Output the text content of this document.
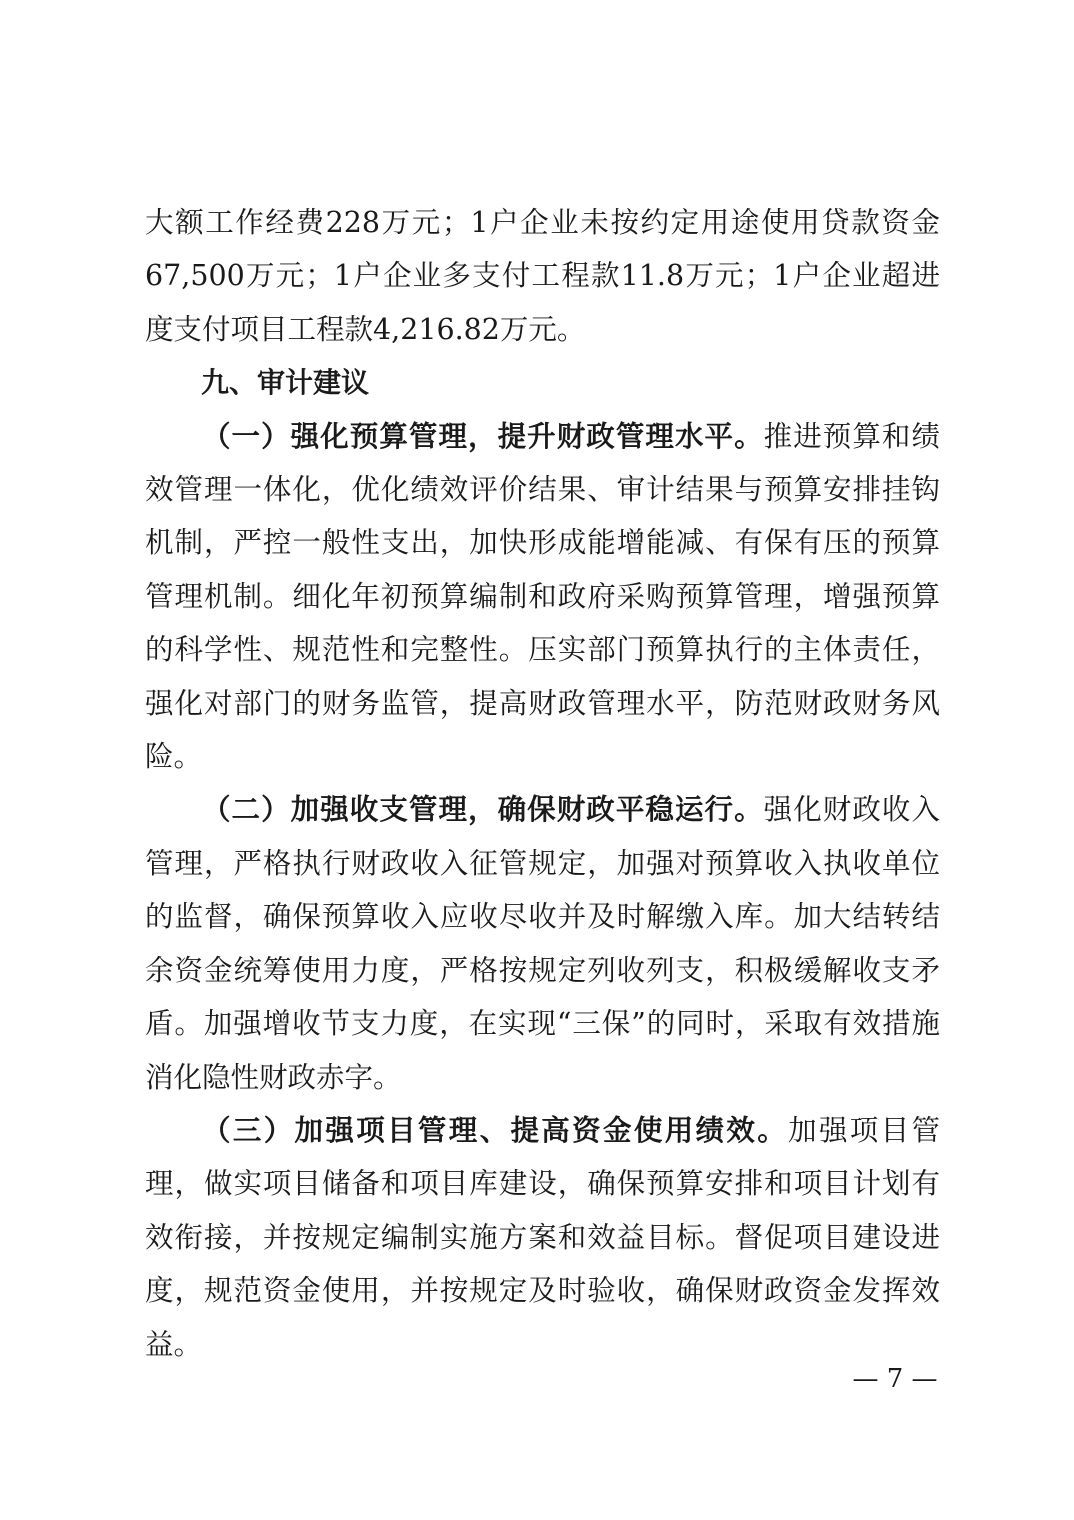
大额工作经费228万元；1户企业未按约定用途使用贷款资金67,500万元；1户企业多支付工程款11.8万元；1户企业超进度支付项目工程款4,216.82万元。

九、审计建议

（一）强化预算管理，提升财政管理水平。推进预算和绩效管理一体化，优化绩效评价结果、审计结果与预算安排挂钩机制，严控一般性支出，加快形成能增能减、有保有压的预算管理机制。细化年初预算编制和政府采购预算管理，增强预算的科学性、规范性和完整性。压实部门预算执行的主体责任，强化对部门的财务监管，提高财政管理水平，防范财政财务风险。

（二）加强收支管理，确保财政平稳运行。强化财政收入管理，严格执行财政收入征管规定，加强对预算收入执收单位的监督，确保预算收入应收尽收并及时解缴入库。加大结转结余资金统筹使用力度，严格按规定列收列支，积极缓解收支矛盾。加强增收节支力度，在实现“三保”的同时，采取有效措施消化隐性财政赤字。

（三）加强项目管理、提高资金使用绩效。加强项目管理，做实项目储备和项目库建设，确保预算安排和项目计划有效衔接，并按规定编制实施方案和效益目标。督促项目建设进度，规范资金使用，并按规定及时验收，确保财政资金发挥效益。

— 7 —
